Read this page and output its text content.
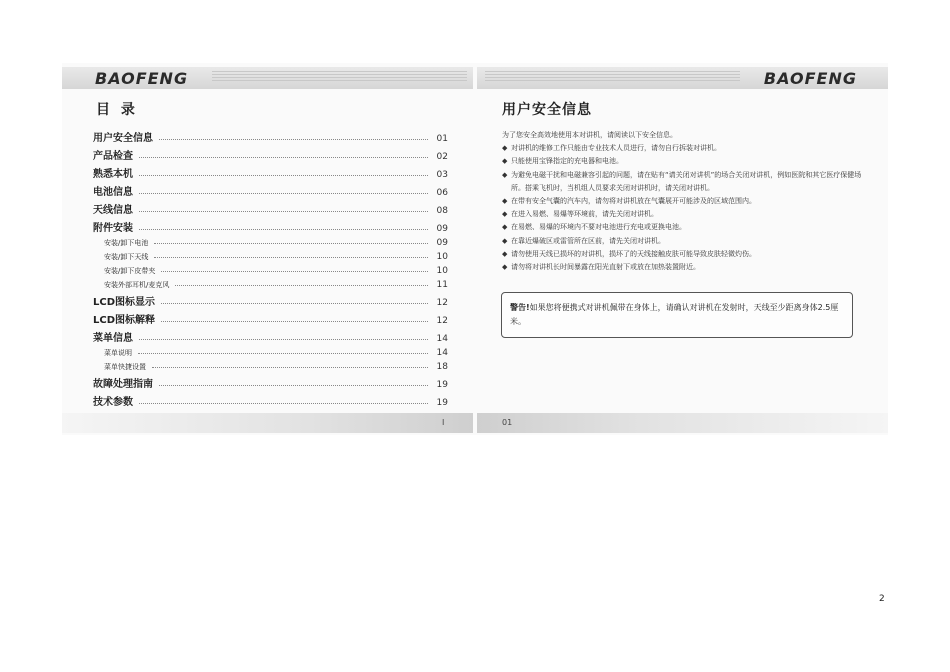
BAOFENG
目 录
用户安全信息	01
产品检查	02
熟悉本机	03
电池信息	06
天线信息	08
附件安装	09
安装/卸下电池	09
安装/卸下天线	10
安装/卸下皮带夹	10
安装外部耳机/麦克风	11
LCD图标显示	12
LCD图标解释	12
菜单信息	14
菜单说明	14
菜单快捷设置	18
故障处理指南	19
技术参数	19
I
BAOFENG
用户安全信息
为了您安全高效地使用本对讲机，请阅读以下安全信息。
◆ 对讲机的维修工作只能由专业技术人员进行，请勿自行拆装对讲机。
◆ 只能使用宝锋指定的充电器和电池。
◆ 为避免电磁干扰和电磁兼容引起的问题，请在贴有“请关闭对讲机”的场合关闭对讲机，例如医院和其它医疗保健场所。搭乘飞机时，当机组人员要求关闭对讲机时，请关闭对讲机。
◆ 在带有安全气囊的汽车内，请勿将对讲机放在气囊展开可能涉及的区域范围内。
◆ 在进入易燃、易爆等环境前，请先关闭对讲机。
◆ 在易燃、易爆的环境内不要对电池进行充电或更换电池。
◆ 在靠近爆破区或雷管所在区前，请先关闭对讲机。
◆ 请勿使用天线已损坏的对讲机，损坏了的天线接触皮肤可能导致皮肤轻微灼伤。
◆ 请勿将对讲机长时间暴露在阳光直射下或放在加热装置附近。
警告!如果您将便携式对讲机佩带在身体上，请确认对讲机在发射时，天线至少距离身体2.5厘米。
01
2
